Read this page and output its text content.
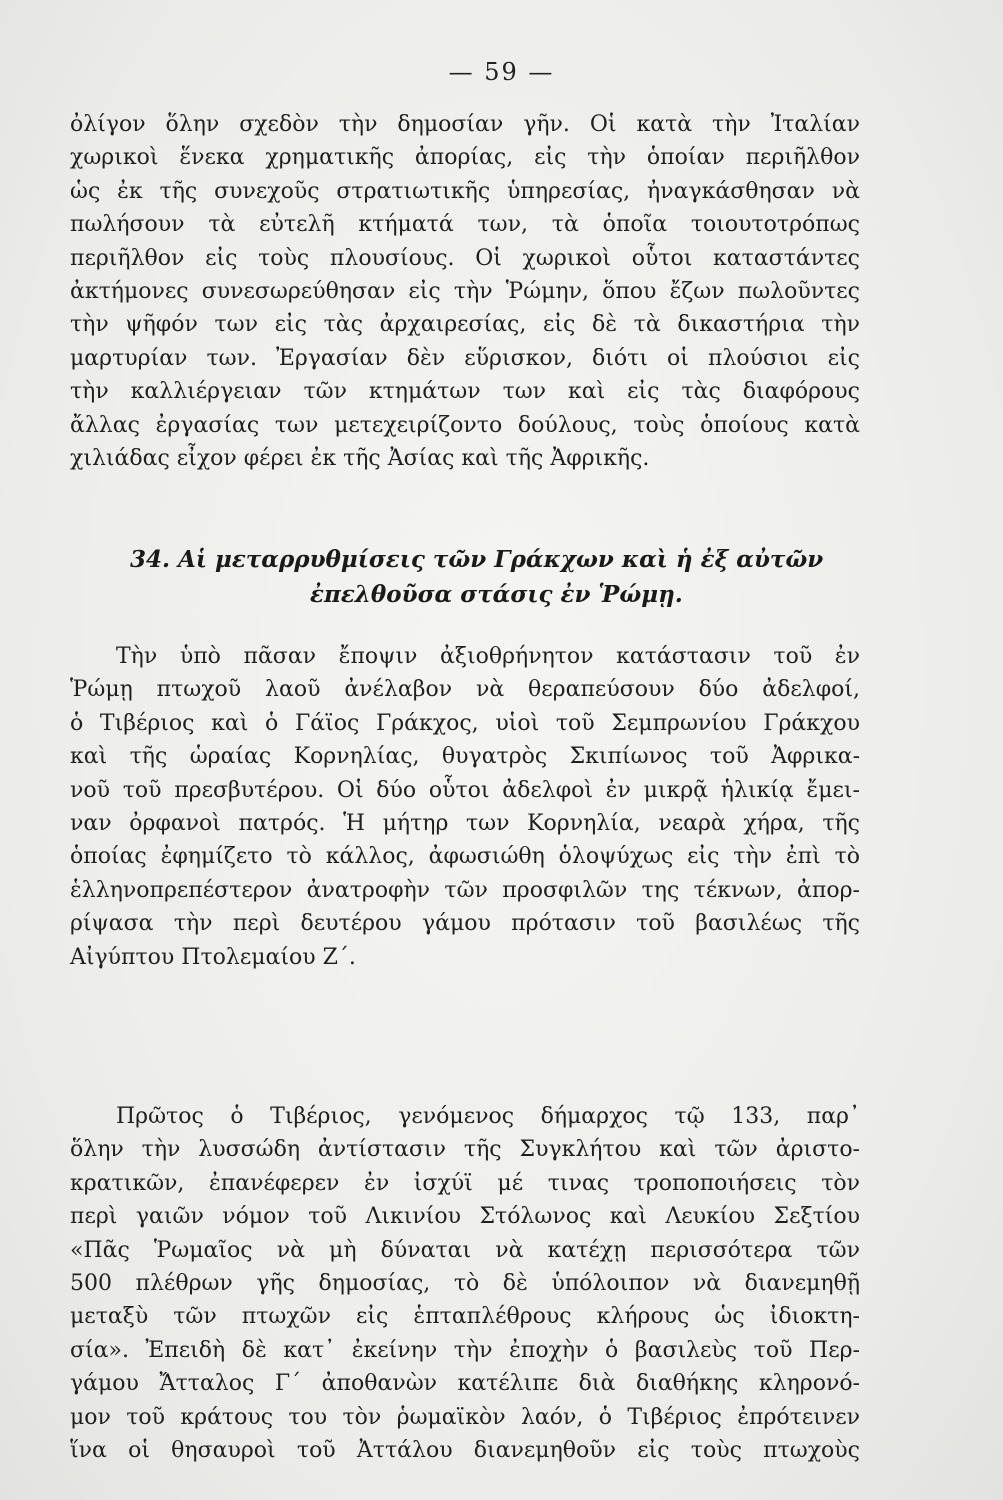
— 59 —
ὀλίγον ὅλην σχεδὸν τὴν δημοσίαν γῆν. Οἱ κατὰ τὴν Ἰταλίαν
χωρικοὶ ἕνεκα χρηματικῆς ἀπορίας, εἰς τὴν ὁποίαν περιῆλθον
ὡς ἐκ τῆς συνεχοῦς στρατιωτικῆς ὑπηρεσίας, ἠναγκάσθησαν νὰ
πωλήσουν τὰ εὐτελῆ κτήματά των, τὰ ὁποῖα τοιουτοτρόπως
περιῆλθον εἰς τοὺς πλουσίους. Οἱ χωρικοὶ οὗτοι καταστάντες
ἀκτήμονες συνεσωρεύθησαν εἰς τὴν Ῥώμην, ὅπου ἔζων πωλοῦντες
τὴν ψῆφόν των εἰς τὰς ἀρχαιρεσίας, εἰς δὲ τὰ δικαστήρια τὴν
μαρτυρίαν των. Ἐργασίαν δὲν εὕρισκον, διότι οἱ πλούσιοι εἰς
τὴν καλλιέργειαν τῶν κτημάτων των καὶ εἰς τὰς διαφόρους
ἄλλας ἐργασίας των μετεχειρίζοντο δούλους, τοὺς ὁποίους κατὰ
χιλιάδας εἶχον φέρει ἐκ τῆς Ἀσίας καὶ τῆς Ἀφρικῆς.
34. Αἱ μεταρρυθμίσεις τῶν Γράκχων καὶ ἡ ἐξ αὐτῶν
ἐπελθοῦσα στάσις ἐν Ῥώμῃ.
Τὴν ὑπὸ πᾶσαν ἔποψιν ἀξιοθρήνητον κατάστασιν τοῦ ἐν
Ῥώμῃ πτωχοῦ λαοῦ ἀνέλαβον νὰ θεραπεύσουν δύο ἀδελφοί,
ὁ Τιβέριος καὶ ὁ Γάϊος Γράκχος, υἱοὶ τοῦ Σεμπρωνίου Γράκχου
καὶ τῆς ὡραίας Κορνηλίας, θυγατρὸς Σκιπίωνος τοῦ Ἀφρικα-
νοῦ τοῦ πρεσβυτέρου. Οἱ δύο οὗτοι ἀδελφοὶ ἐν μικρᾷ ἡλικίᾳ ἔμει-
ναν ὀρφανοὶ πατρός. Ἡ μήτηρ των Κορνηλία, νεαρὰ χήρα, τῆς
ὁποίας ἐφημίζετο τὸ κάλλος, ἀφωσιώθη ὁλοψύχως εἰς τὴν ἐπὶ τὸ
ἑλληνοπρεπέστερον ἀνατροφὴν τῶν προσφιλῶν της τέκνων, ἀπορ-
ρίψασα τὴν περὶ δευτέρου γάμου πρότασιν τοῦ βασιλέως τῆς
Αἰγύπτου Πτολεμαίου Ζ΄.
Πρῶτος ὁ Τιβέριος, γενόμενος δήμαρχος τῷ 133, παρ᾿
ὅλην τὴν λυσσώδη ἀντίστασιν τῆς Συγκλήτου καὶ τῶν ἀριστο-
κρατικῶν, ἐπανέφερεν ἐν ἰσχύϊ μέ τινας τροποποιήσεις τὸν
περὶ γαιῶν νόμον τοῦ Λικινίου Στόλωνος καὶ Λευκίου Σεξτίου
«Πᾶς Ῥωμαῖος νὰ μὴ δύναται νὰ κατέχῃ περισσότερα τῶν
500 πλέθρων γῆς δημοσίας, τὸ δὲ ὑπόλοιπον νὰ διανεμηθῇ
μεταξὺ τῶν πτωχῶν εἰς ἑπταπλέθρους κλήρους ὡς ἰδιοκτη-
σία». Ἐπειδὴ δὲ κατ᾿ ἐκείνην τὴν ἐποχὴν ὁ βασιλεὺς τοῦ Περ-
γάμου Ἄτταλος Γ΄ ἀποθανὼν κατέλιπε διὰ διαθήκης κληρονό-
μον τοῦ κράτους του τὸν ῥωμαϊκὸν λαόν, ὁ Τιβέριος ἐπρότεινεν
ἵνα οἱ θησαυροὶ τοῦ Ἀττάλου διανεμηθοῦν εἰς τοὺς πτωχοὺς
